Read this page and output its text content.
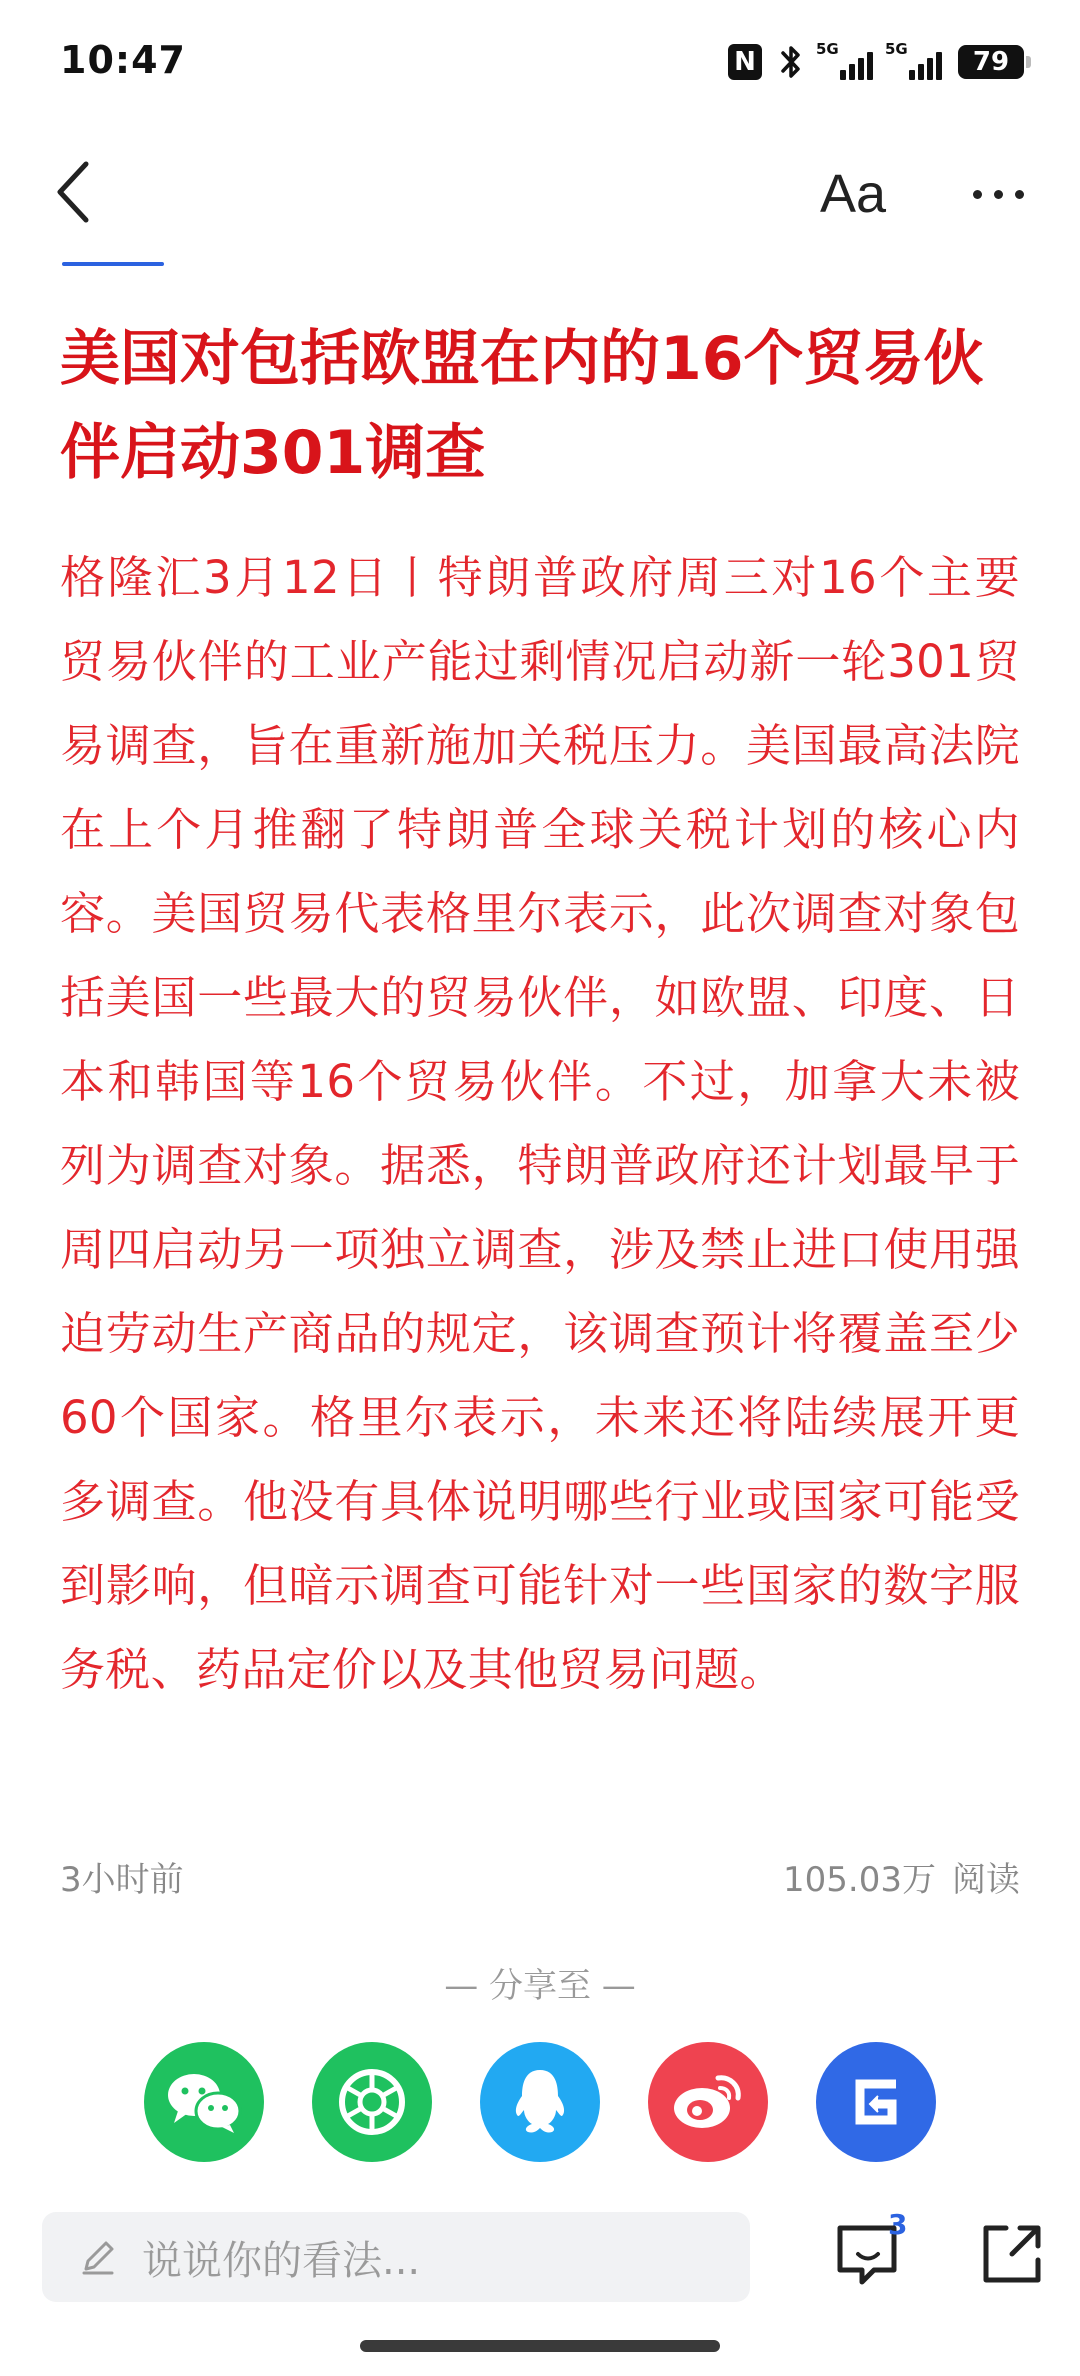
10:47	N	5G	5G	79
Aa
美国对包括欧盟在内的16个贸易伙伴启动301调查

格隆汇3月12日丨特朗普政府周三对16个主要贸易伙伴的工业产能过剩情况启动新一轮301贸易调查，旨在重新施加关税压力。美国最高法院在上个月推翻了特朗普全球关税计划的核心内容。美国贸易代表格里尔表示，此次调查对象包括美国一些最大的贸易伙伴，如欧盟、印度、日本和韩国等16个贸易伙伴。不过，加拿大未被列为调查对象。据悉，特朗普政府还计划最早于周四启动另一项独立调查，涉及禁止进口使用强迫劳动生产商品的规定，该调查预计将覆盖至少60个国家。格里尔表示，未来还将陆续展开更多调查。他没有具体说明哪些行业或国家可能受到影响，但暗示调查可能针对一些国家的数字服务税、药品定价以及其他贸易问题。

3小时前	105.03万 阅读
— 分享至 —
说说你的看法...
3
